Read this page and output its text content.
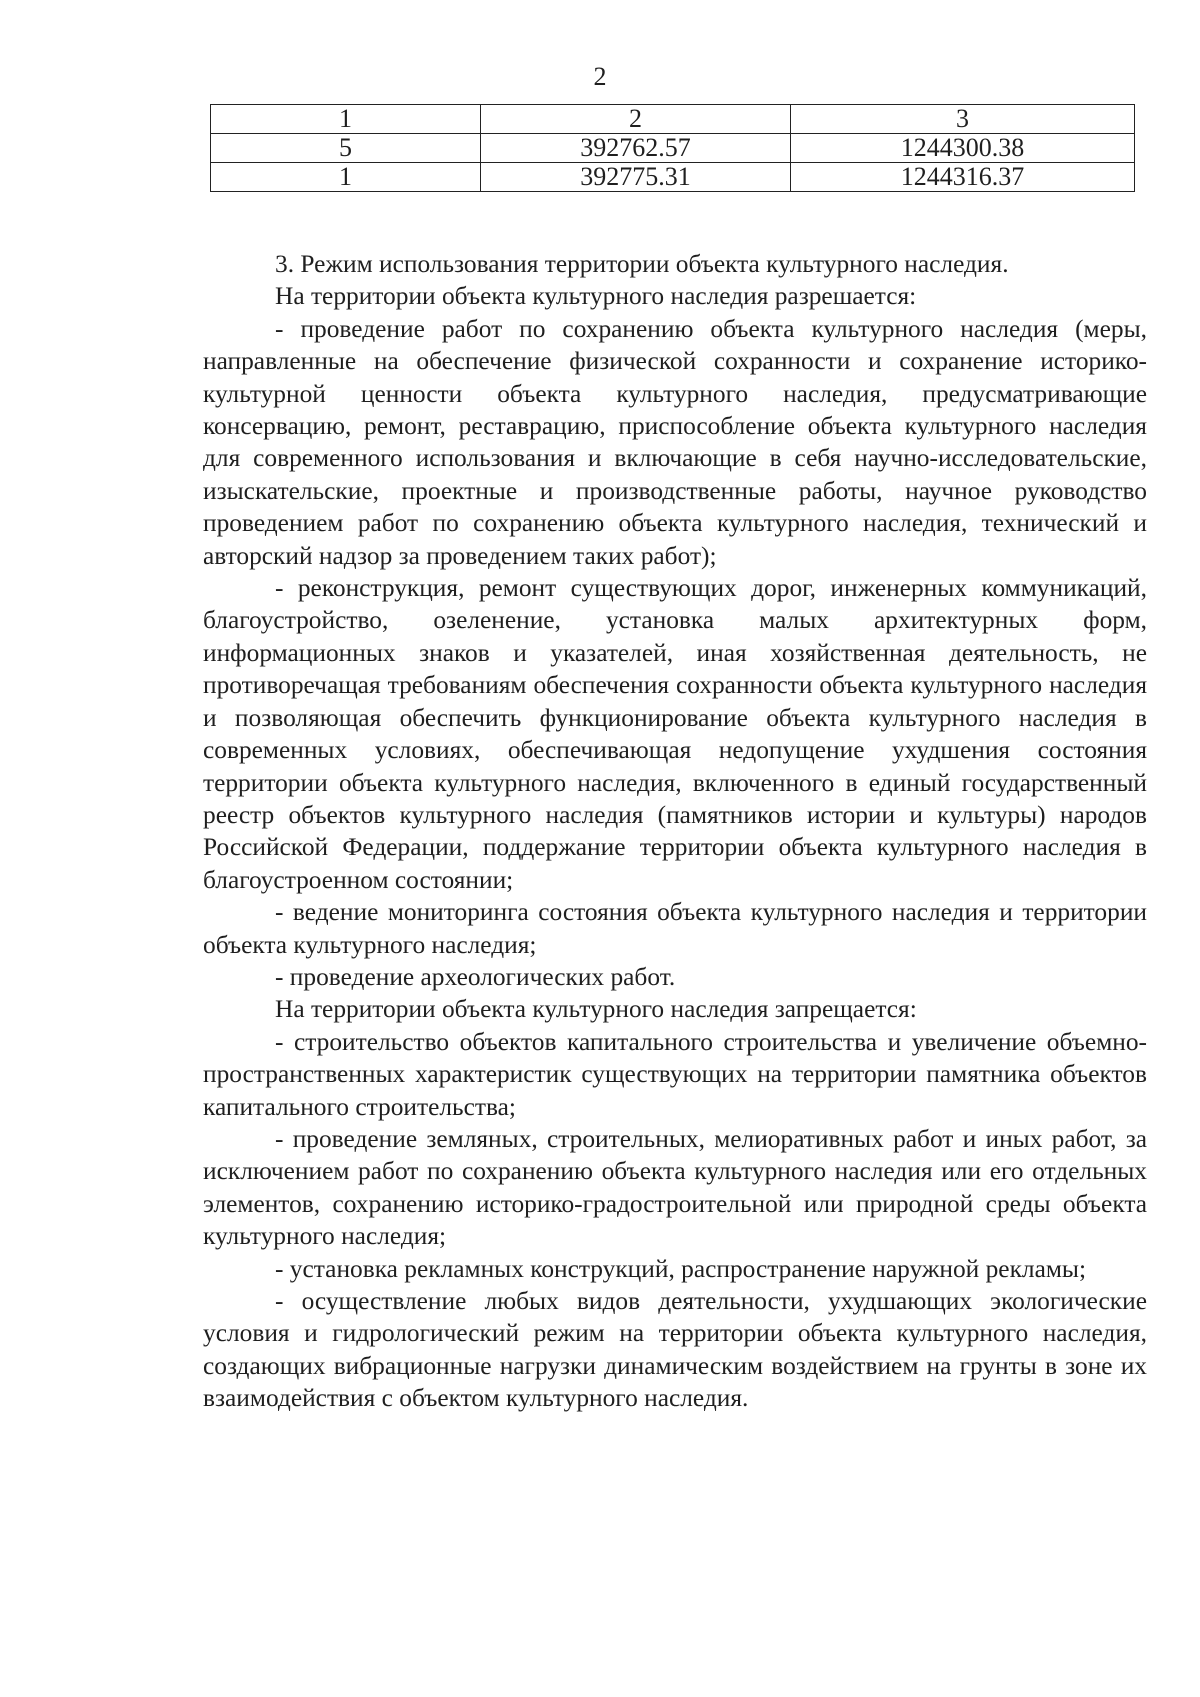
2
1	2	3
5	392762.57	1244300.38
1	392775.31	1244316.37

3. Режим использования территории объекта культурного наследия.

На территории объекта культурного наследия разрешается:

- проведение работ по сохранению объекта культурного наследия (меры, направленные на обеспечение физической сохранности и сохранение историко-культурной ценности объекта культурного наследия, предусматривающие консервацию, ремонт, реставрацию, приспособление объекта культурного наследия для современного использования и включающие в себя научно-исследовательские, изыскательские, проектные и производственные работы, научное руководство проведением работ по сохранению объекта культурного наследия, технический и авторский надзор за проведением таких работ);

- реконструкция, ремонт существующих дорог, инженерных коммуникаций, благоустройство, озеленение, установка малых архитектурных форм, информационных знаков и указателей, иная хозяйственная деятельность, не противоречащая требованиям обеспечения сохранности объекта культурного наследия и позволяющая обеспечить функционирование объекта культурного наследия в современных условиях, обеспечивающая недопущение ухудшения состояния территории объекта культурного наследия, включенного в единый государственный реестр объектов культурного наследия (памятников истории и культуры) народов Российской Федерации, поддержание территории объекта культурного наследия в благоустроенном состоянии;

- ведение мониторинга состояния объекта культурного наследия и территории объекта культурного наследия;

- проведение археологических работ.

На территории объекта культурного наследия запрещается:

- строительство объектов капитального строительства и увеличение объемно-пространственных характеристик существующих на территории памятника объектов капитального строительства;

- проведение земляных, строительных, мелиоративных работ и иных работ, за исключением работ по сохранению объекта культурного наследия или его отдельных элементов, сохранению историко-градостроительной или природной среды объекта культурного наследия;

- установка рекламных конструкций, распространение наружной рекламы;

- осуществление любых видов деятельности, ухудшающих экологические условия и гидрологический режим на территории объекта культурного наследия, создающих вибрационные нагрузки динамическим воздействием на грунты в зоне их взаимодействия с объектом культурного наследия.
